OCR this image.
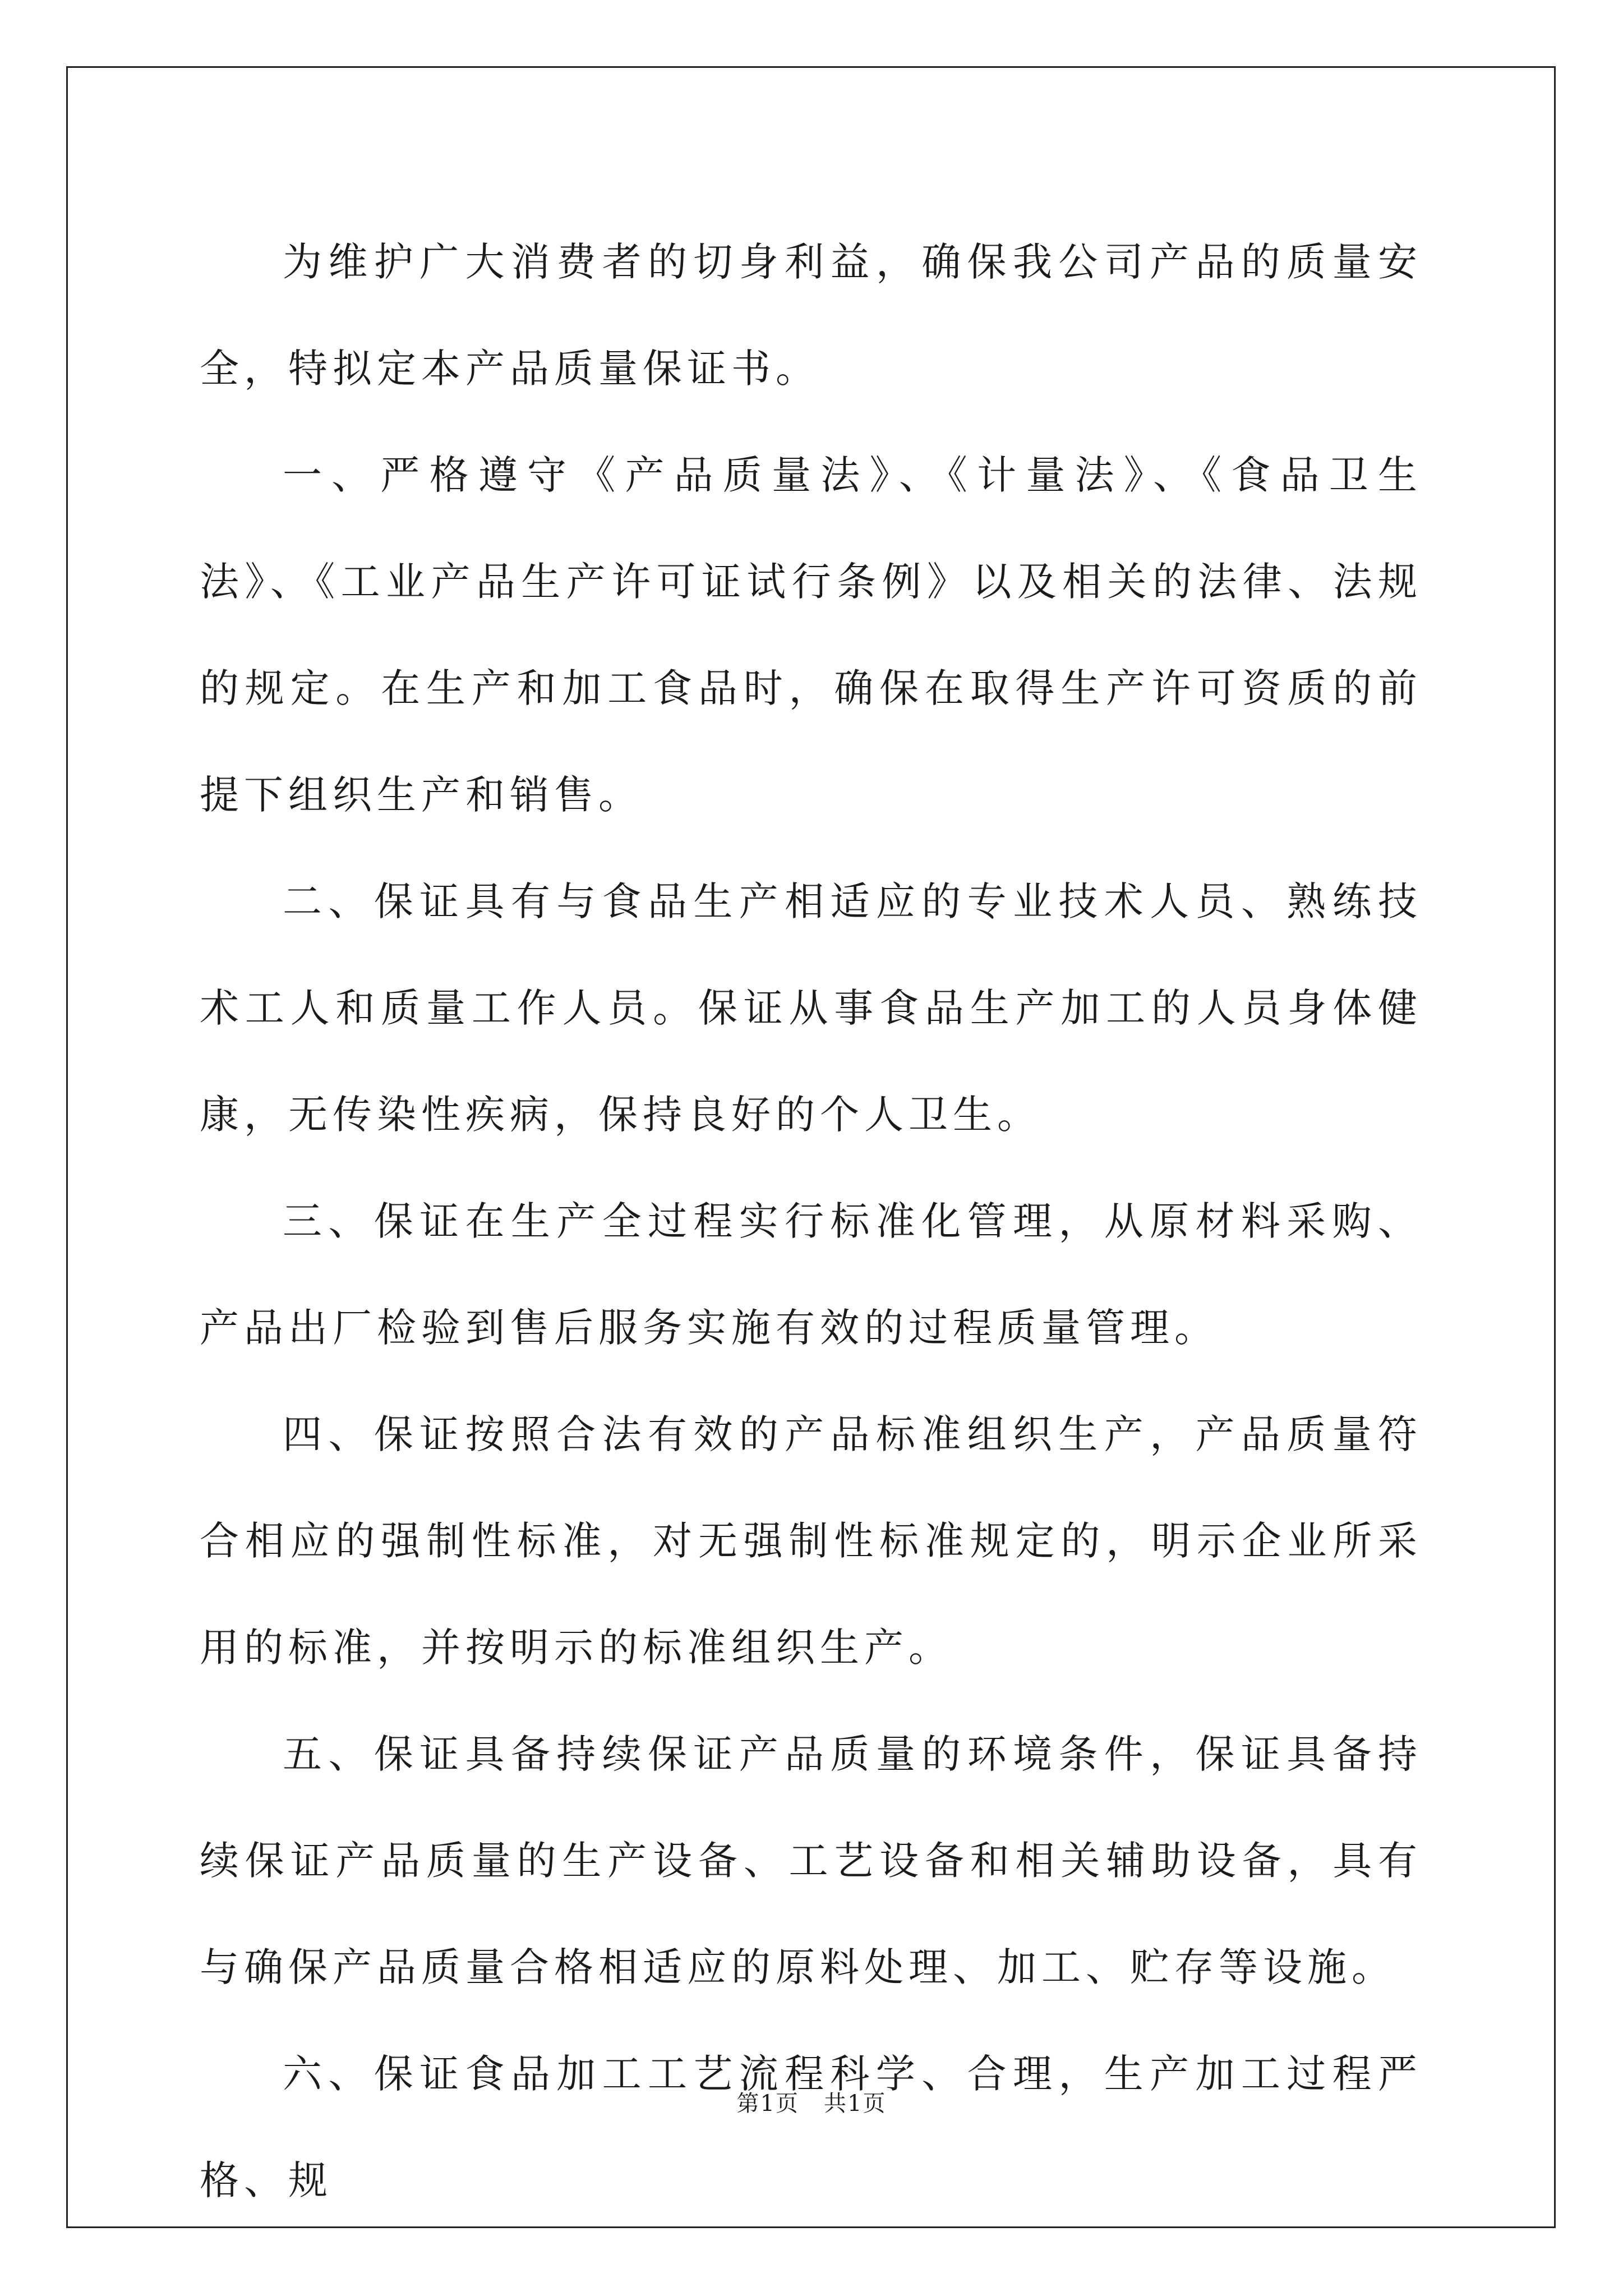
为维护广大消费者的切身利益，确保我公司产品的质量安全，特拟定本产品质量保证书。

一、严格遵守《产品质量法》、《计量法》、《食品卫生法》、《工业产品生产许可证试行条例》以及相关的法律、法规的规定。在生产和加工食品时，确保在取得生产许可资质的前提下组织生产和销售。

二、保证具有与食品生产相适应的专业技术人员、熟练技术工人和质量工作人员。保证从事食品生产加工的人员身体健康，无传染性疾病，保持良好的个人卫生。

三、保证在生产全过程实行标准化管理，从原材料采购、产品出厂检验到售后服务实施有效的过程质量管理。

四、保证按照合法有效的产品标准组织生产，产品质量符合相应的强制性标准，对无强制性标准规定的，明示企业所采用的标准，并按明示的标准组织生产。

五、保证具备持续保证产品质量的环境条件，保证具备持续保证产品质量的生产设备、工艺设备和相关辅助设备，具有与确保产品质量合格相适应的原料处理、加工、贮存等设施。

六、保证食品加工工艺流程科学、合理，生产加工过程严格、规

第1页 共1页
